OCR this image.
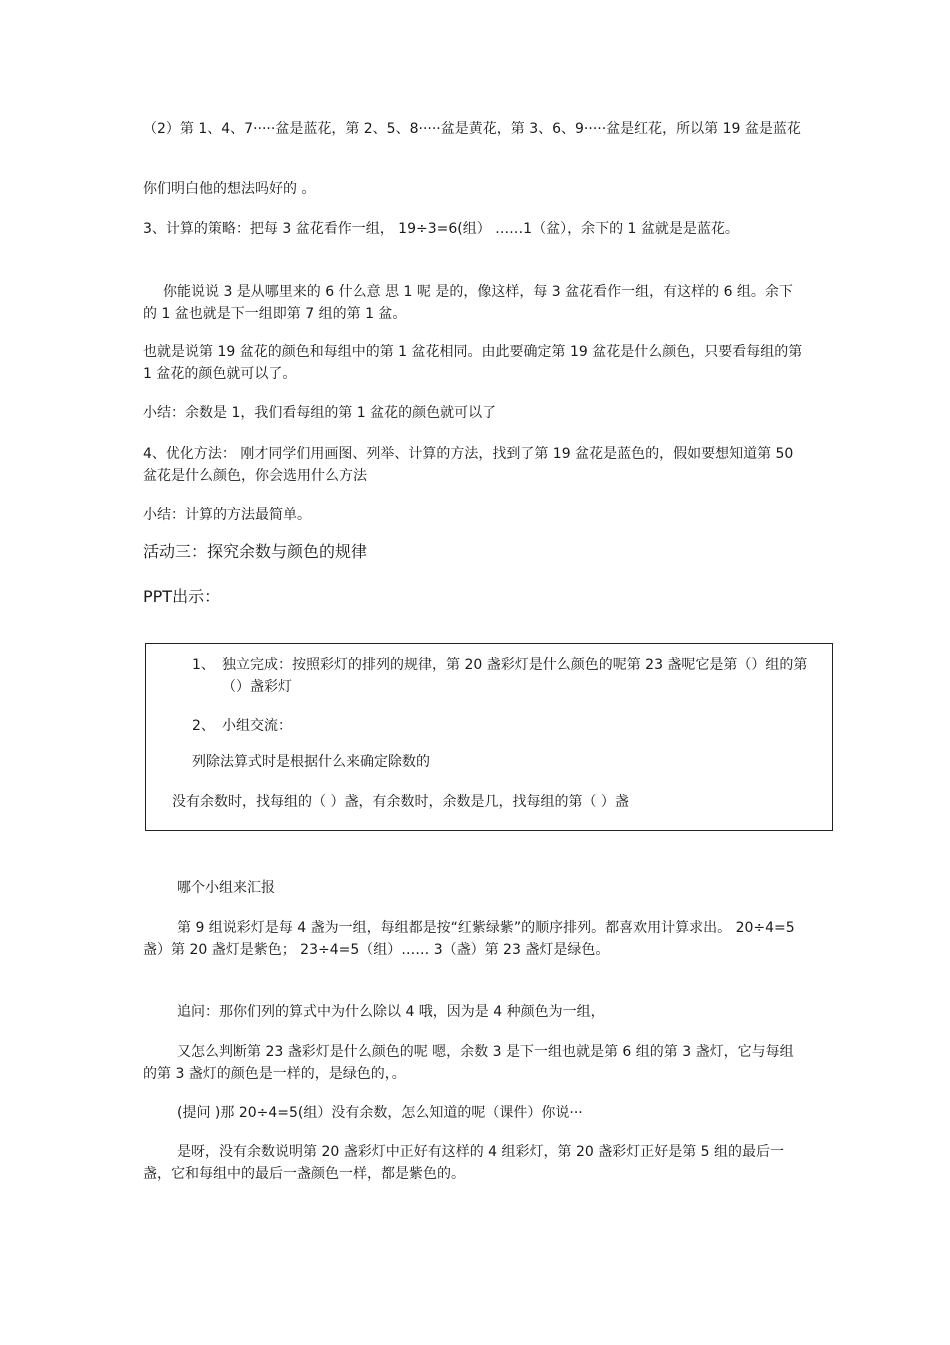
（2）第 1、4、7·····盆是蓝花，第 2、5、8·····盆是黄花，第 3、6、9·····盆是红花，所以第 19 盆是蓝花

你们明白他的想法吗好的 。

3、计算的策略：把每 3 盆花看作一组， 19÷3=6(组） ……1（盆），余下的 1 盆就是是蓝花。

你能说说 3 是从哪里来的 6 什么意 思 1 呢 是的，像这样，每 3 盆花看作一组，有这样的 6 组。余下的 1 盆也就是下一组即第 7 组的第 1 盆。

也就是说第 19 盆花的颜色和每组中的第 1 盆花相同。由此要确定第 19 盆花是什么颜色，只要看每组的第 1 盆花的颜色就可以了。

小结：余数是 1，我们看每组的第 1 盆花的颜色就可以了

4、优化方法： 刚才同学们用画图、列举、计算的方法，找到了第 19 盆花是蓝色的，假如要想知道第 50 盆花是什么颜色，你会选用什么方法

小结：计算的方法最简单。

活动三：探究余数与颜色的规律

PPT出示：

1、 独立完成：按照彩灯的排列的规律，第 20 盏彩灯是什么颜色的呢第 23 盏呢它是第（）组的第（）盏彩灯
2、 小组交流：

列除法算式时是根据什么来确定除数的

没有余数时，找每组的（ ）盏，有余数时，余数是几，找每组的第（ ）盏

哪个小组来汇报

第 9 组说彩灯是每 4 盏为一组，每组都是按“红紫绿紫”的顺序排列。都喜欢用计算求出。 20÷4=5 盏）第 20 盏灯是紫色； 23÷4=5（组）…… 3（盏）第 23 盏灯是绿色。

追问：那你们列的算式中为什么除以 4 哦，因为是 4 种颜色为一组，

又怎么判断第 23 盏彩灯是什么颜色的呢 嗯，余数 3 是下一组也就是第 6 组的第 3 盏灯，它与每组的第 3 盏灯的颜色是一样的，是绿色的，。

(提问 )那 20÷4=5(组）没有余数，怎么知道的呢（课件）你说···

是呀，没有余数说明第 20 盏彩灯中正好有这样的 4 组彩灯，第 20 盏彩灯正好是第 5 组的最后一盏，它和每组中的最后一盏颜色一样，都是紫色的。
